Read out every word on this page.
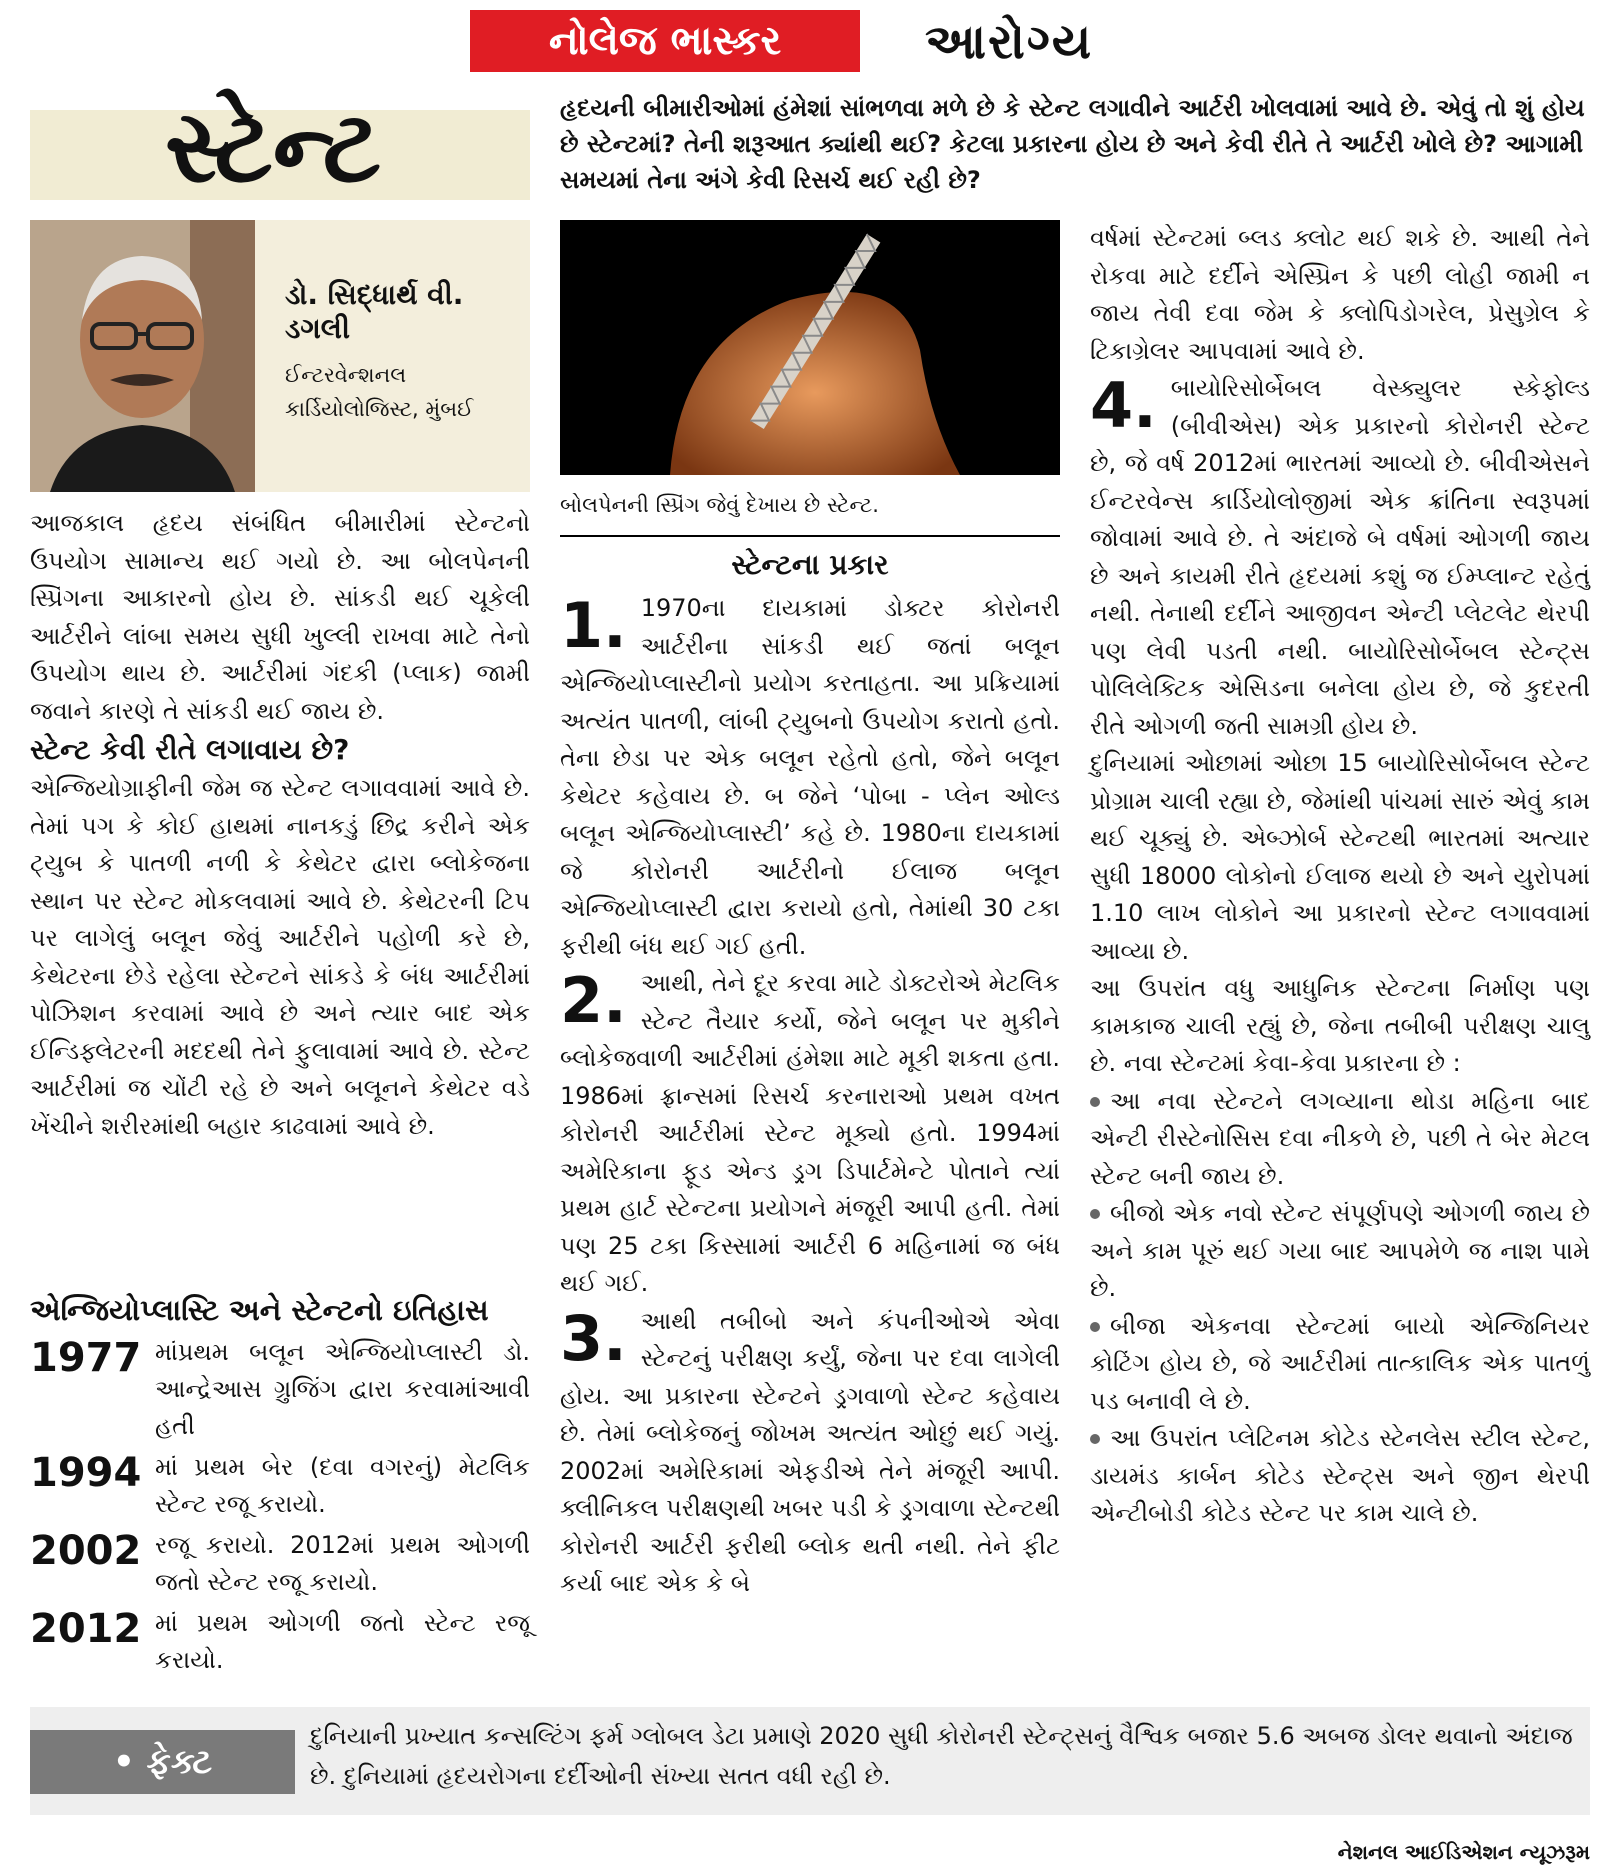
નોલેજ ભાસ્કર	આરોગ્ય
સ્ટેન્ટ	હૃદયની બીમારીઓમાં હંમેશાં સાંભળવા મળે છે કે સ્ટેન્ટ લગાવીને આર્ટરી ખોલવામાં આવે છે. એવું તો શું હોય છે સ્ટેન્ટમાં? તેની શરૂઆત ક્યાંથી થઈ? કેટલા પ્રકારના હોય છે અને કેવી રીતે તે આર્ટરી ખોલે છે? આગામી સમયમાં તેના અંગે કેવી રિસર્ચ થઈ રહી છે?
ડો. સિદ્ધાર્થ વી. ડગલી
ઈન્ટરવેન્શનલ
કાર્ડિયોલોજિસ્ટ, મુંબઈ

આજકાલ હૃદય સંબંધિત બીમારીમાં સ્ટેન્ટનો ઉપયોગ સામાન્ય થઈ ગયો છે. આ બોલપેનની સ્પ્રિંગના આકારનો હોય છે. સાંકડી થઈ ચૂકેલી આર્ટરીને લાંબા સમય સુધી ખુલ્લી રાખવા માટે તેનો ઉપયોગ થાય છે. આર્ટરીમાં ગંદકી (પ્લાક) જામી જવાને કારણે તે સાંકડી થઈ જાય છે.

સ્ટેન્ટ કેવી રીતે લગાવાય છે?

એન્જિયોગ્રાફીની જેમ જ સ્ટેન્ટ લગાવવામાં આવે છે. તેમાં પગ કે કોઈ હાથમાં નાનકડું છિદ્ર કરીને એક ટ્યુબ કે પાતળી નળી કે કેથેટર દ્વારા બ્લોકેજના સ્થાન પર સ્ટેન્ટ મોકલવામાં આવે છે. કેથેટરની ટિપ પર લાગેલું બલૂન જેવું આર્ટરીને પહોળી કરે છે, કેથેટરના છેડે રહેલા સ્ટેન્ટને સાંકડે કે બંધ આર્ટરીમાં પોઝિશન કરવામાં આવે છે અને ત્યાર બાદ એક ઈન્ડિફ્લેટરની મદદથી તેને ફુલાવામાં આવે છે. સ્ટેન્ટ આર્ટરીમાં જ ચોંટી રહે છે અને બલૂનને કેથેટર વડે ખેંચીને શરીરમાંથી બહાર કાઢવામાં આવે છે.

એન્જિયોપ્લાસ્ટિ અને સ્ટેન્ટનો ઇતિહાસ
1977 માંપ્રથમ બલૂન એન્જિયોપ્લાસ્ટી ડો. આન્દ્રેઆસ ગ્રુજિંગ દ્વારા કરવામાંઆવી હતી
1994 માં પ્રથમ બેર (દવા વગરનું) મેટલિક સ્ટેન્ટ રજૂ કરાયો.
2002 રજૂ કરાયો. 2012માં પ્રથમ ઓગળી જતો સ્ટેન્ટ રજૂ કરાયો.
2012 માં પ્રથમ ઓગળી જતો સ્ટેન્ટ રજૂ કરાયો.
બોલપેનની સ્પ્રિંગ જેવું દેખાય છે સ્ટેન્ટ.
સ્ટેન્ટના પ્રકાર
1. 1970ના દાયકામાં ડોક્ટર કોરોનરી આર્ટરીના સાંકડી થઈ જતાં બલૂન એન્જિયોપ્લાસ્ટીનો પ્રયોગ કરતાહતા. આ પ્રક્રિયામાં અત્યંત પાતળી, લાંબી ટ્યુબનો ઉપયોગ કરાતો હતો. તેના છેડા પર એક બલૂન રહેતો હતો, જેને બલૂન કેથેટર કહેવાય છે. બ જેને ‘પોબા - પ્લેન ઓલ્ડ બલૂન એન્જિયોપ્લાસ્ટી’ કહે છે. 1980ના દાયકામાં જે કોરોનરી આર્ટરીનો ઈલાજ બલૂન એન્જિયોપ્લાસ્ટી દ્વારા કરાયો હતો, તેમાંથી 30 ટકા ફરીથી બંધ થઈ ગઈ હતી.

2. આથી, તેને દૂર કરવા માટે ડોક્ટરોએ મેટલિક સ્ટેન્ટ તૈયાર કર્યો, જેને બલૂન પર મુકીને બ્લોકેજવાળી આર્ટરીમાં હંમેશા માટે મૂકી શકતા હતા. 1986માં ફ્રાન્સમાં રિસર્ચ કરનારાઓ પ્રથમ વખત કોરોનરી આર્ટરીમાં સ્ટેન્ટ મૂક્યો હતો. 1994માં અમેરિકાના ફૂડ એન્ડ ડ્રગ ડિપાર્ટમેન્ટે પોતાને ત્યાં પ્રથમ હાર્ટ સ્ટેન્ટના પ્રયોગને મંજૂરી આપી હતી. તેમાં પણ 25 ટકા કિસ્સામાં આર્ટરી 6 મહિનામાં જ બંધ થઈ ગઈ.

3. આથી તબીબો અને કંપનીઓએ એવા સ્ટેન્ટનું પરીક્ષણ કર્યું, જેના પર દવા લાગેલી હોય. આ પ્રકારના સ્ટેન્ટને ડ્રગવાળો સ્ટેન્ટ કહેવાય છે. તેમાં બ્લોકેજનું જોખમ અત્યંત ઓછું થઈ ગયું. 2002માં અમેરિકામાં એફડીએ તેને મંજૂરી આપી. ક્લીનિકલ પરીક્ષણથી ખબર પડી કે ડ્રગવાળા સ્ટેન્ટથી કોરોનરી આર્ટરી ફરીથી બ્લોક થતી નથી. તેને ફીટ કર્યા બાદ એક કે બે

વર્ષમાં સ્ટેન્ટમાં બ્લડ ક્લોટ થઈ શકે છે. આથી તેને રોકવા માટે દર્દીને એસ્પ્રિન કે પછી લોહી જામી ન જાય તેવી દવા જેમ કે ક્લોપિડોગરેલ, પ્રેસુગ્રેલ કે ટિકાગ્રેલર આપવામાં આવે છે.

4. બાયોરિસોર્બેબલ વેસ્ક્યુલર સ્કેફોલ્ડ (બીવીએસ) એક પ્રકારનો કોરોનરી સ્ટેન્ટ છે, જે વર્ષ 2012માં ભારતમાં આવ્યો છે. બીવીએસને ઈન્ટરવેન્સ કાર્ડિયોલોજીમાં એક ક્રાંતિના સ્વરૂપમાં જોવામાં આવે છે. તે અંદાજે બે વર્ષમાં ઓગળી જાય છે અને કાયમી રીતે હૃદયમાં કશું જ ઈમ્પ્લાન્ટ રહેતું નથી. તેનાથી દર્દીને આજીવન એન્ટી પ્લેટલેટ થેરપી પણ લેવી પડતી નથી. બાયોરિસોર્બેબલ સ્ટેન્ટ્સ પોલિલેક્ટિક એસિડના બનેલા હોય છે, જે કુદરતી રીતે ઓગળી જતી સામગ્રી હોય છે.

દુનિયામાં ઓછામાં ઓછા 15 બાયોરિસોર્બેબલ સ્ટેન્ટ પ્રોગ્રામ ચાલી રહ્યા છે, જેમાંથી પાંચમાં સારું એવું કામ થઈ ચૂક્યું છે. એબ્ઝોર્બ સ્ટેન્ટથી ભારતમાં અત્યાર સુધી 18000 લોકોનો ઈલાજ થયો છે અને યુરોપમાં 1.10 લાખ લોકોને આ પ્રકારનો સ્ટેન્ટ લગાવવામાં આવ્યા છે.

આ ઉપરાંત વધુ આધુનિક સ્ટેન્ટના નિર્માણ પણ કામકાજ ચાલી રહ્યું છે, જેના તબીબી પરીક્ષણ ચાલુ છે. નવા સ્ટેન્ટમાં કેવા-કેવા પ્રકારના છે :

આ નવા સ્ટેન્ટને લગવ્યાના થોડા મહિના બાદ એન્ટી રીસ્ટેનોસિસ દવા નીકળે છે, પછી તે બેર મેટલ સ્ટેન્ટ બની જાય છે.

બીજો એક નવો સ્ટેન્ટ સંપૂર્ણપણે ઓગળી જાય છે અને કામ પૂરું થઈ ગયા બાદ આપમેળે જ નાશ પામે છે.

બીજા એકનવા સ્ટેન્ટમાં બાયો એન્જિનિયર કોટિંગ હોય છે, જે આર્ટરીમાં તાત્કાલિક એક પાતળું પડ બનાવી લે છે.

આ ઉપરાંત પ્લેટિનમ કોટેડ સ્ટેનલેસ સ્ટીલ સ્ટેન્ટ, ડાયમંડ કાર્બન કોટેડ સ્ટેન્ટ્સ અને જીન થેરપી એન્ટીબોડી કોટેડ સ્ટેન્ટ પર કામ ચાલે છે.

• ફેક્ટ
દુનિયાની પ્રખ્યાત કન્સલ્ટિંગ ફર્મ ગ્લોબલ ડેટા પ્રમાણે 2020 સુધી કોરોનરી સ્ટેન્ટ્સનું વૈશ્વિક બજાર 5.6 અબજ ડોલર થવાનો અંદાજ છે. દુનિયામાં હૃદયરોગના દર્દીઓની સંખ્યા સતત વધી રહી છે.
નેશનલ આઈડિએશન ન્યૂઝરૂમ
